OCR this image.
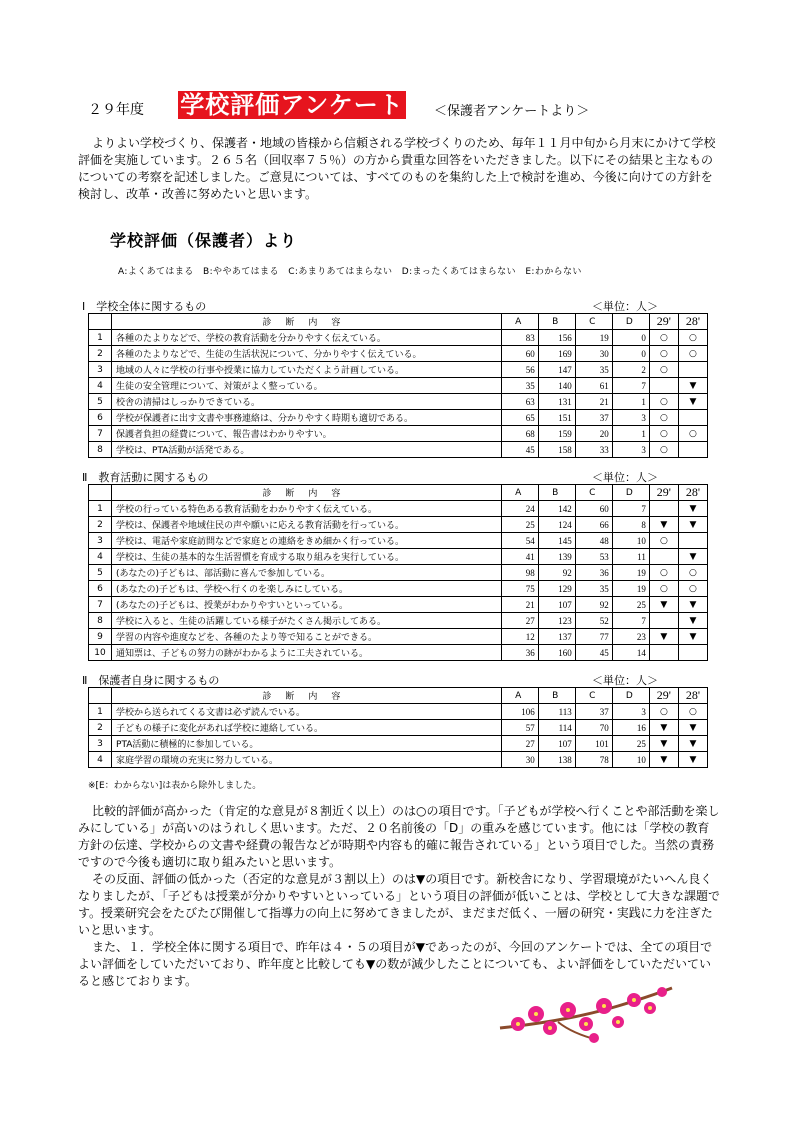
２９年度 学校評価アンケート ＜保護者アンケートより＞
よりよい学校づくり、保護者・地域の皆様から信頼される学校づくりのため、毎年１１月中旬から月末にかけて学校評価を実施しています。２６５名（回収率７５％）の方から貴重な回答をいただきました。以下にその結果と主なものについての考察を記述しました。ご意見については、すべてのものを集約した上で検討を進め、今後に向けての方針を検討し、改革・改善に努めたいと思います。
学校評価（保護者）より
A:よくあてはまる　B:ややあてはまる　C:あまりあてはまらない　D:まったくあてはまらない　E:わからない
Ⅰ　学校全体に関するもの	＜単位：人＞
	診断内容	A	B	C	D	29'	28'
1	各種のたよりなどで、学校の教育活動を分かりやすく伝えている。	83	156	19	0	○	○
2	各種のたよりなどで、生徒の生活状況について、分かりやすく伝えている。	60	169	30	0	○	○
3	地域の人々に学校の行事や授業に協力していただくよう計画している。	56	147	35	2	○	
4	生徒の安全管理について、対策がよく整っている。	35	140	61	7		▼
5	校舎の清掃はしっかりできている。	63	131	21	1	○	▼
6	学校が保護者に出す文書や事務連絡は、分かりやすく時期も適切である。	65	151	37	3	○	
7	保護者負担の経費について、報告書はわかりやすい。	68	159	20	1	○	○
8	学校は、PTA活動が活発である。	45	158	33	3	○	
Ⅱ　教育活動に関するもの	＜単位：人＞
	診断内容	A	B	C	D	29'	28'
1	学校の行っている特色ある教育活動をわかりやすく伝えている。	24	142	60	7		▼
2	学校は、保護者や地域住民の声や願いに応える教育活動を行っている。	25	124	66	8	▼	▼
3	学校は、電話や家庭訪問などで家庭との連絡をきめ細かく行っている。	54	145	48	10	○	
4	学校は、生徒の基本的な生活習慣を育成する取り組みを実行している。	41	139	53	11		▼
5	(あなたの)子どもは、部活動に喜んで参加している。	98	92	36	19	○	○
6	(あなたの)子どもは、学校へ行くのを楽しみにしている。	75	129	35	19	○	○
7	(あなたの)子どもは、授業がわかりやすいといっている。	21	107	92	25	▼	▼
8	学校に入ると、生徒の活躍している様子がたくさん掲示してある。	27	123	52	7		▼
9	学習の内容や進度などを、各種のたより等で知ることができる。	12	137	77	23	▼	▼
10	通知票は、子どもの努力の跡がわかるように工夫されている。	36	160	45	14		
Ⅱ　保護者自身に関するもの	＜単位：人＞
	診断内容	A	B	C	D	29'	28'
1	学校から送られてくる文書は必ず読んでいる。	106	113	37	3	○	○
2	子どもの様子に変化があれば学校に連絡している。	57	114	70	16	▼	▼
3	PTA活動に積極的に参加している。	27	107	101	25	▼	▼
4	家庭学習の環境の充実に努力している。	30	138	78	10	▼	▼
※[E：わからない]は表から除外しました。

比較的評価が高かった（肯定的な意見が８割近く以上）のは○の項目です。「子どもが学校へ行くことや部活動を楽しみにしている」が高いのはうれしく思います。ただ、２０名前後の「D」の重みを感じています。他には「学校の教育方針の伝達、学校からの文書や経費の報告などが時期や内容も的確に報告されている」という項目でした。当然の責務ですので今後も適切に取り組みたいと思います。

その反面、評価の低かった（否定的な意見が３割以上）のは▼の項目です。新校舎になり、学習環境がたいへん良くなりましたが、「子どもは授業が分かりやすいといっている」という項目の評価が低いことは、学校として大きな課題です。授業研究会をたびたび開催して指導力の向上に努めてきましたが、まだまだ低く、一層の研究・実践に力を注ぎたいと思います。

また、１．学校全体に関する項目で、昨年は４・５の項目が▼であったのが、今回のアンケートでは、全ての項目でよい評価をしていただいており、昨年度と比較しても▼の数が減少したことについても、よい評価をしていただいていると感じております。
